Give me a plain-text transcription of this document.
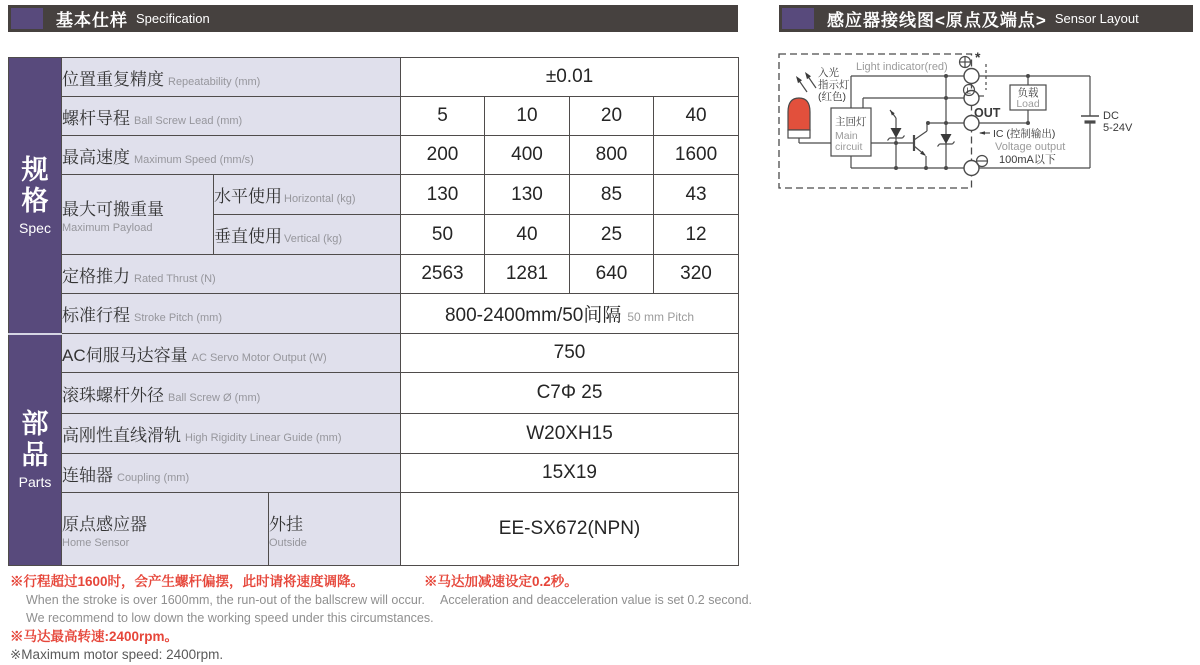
基本仕样 Specification	感应器接线图<原点及端点> Sensor Layout
规格
Spec

位置重复精度 Repeatability (mm)	±0.01

	螺杆导程 Ball Screw Lead (mm)			5	10	20	40

	最高速度 Maximum Speed (mm/s)			200	400	800	1600

	最大可搬重量
Maximum Payload	水平使用 Horizontal (kg)		130	130	85	43

		垂直使用 Vertical (kg)		50	40	25	12

	定格推力 Rated Thrust (N)			2563	1281	640	320

	标准行程 Stroke Pitch (mm)			800-2400mm/50间隔 50 mm Pitch			

部品
Parts

AC伺服马达容量 AC Servo Motor Output (W)	750

	滚珠螺杆外径 Ball Screw Ø (mm)			C7Φ 25			

	高刚性直线滑轨 High Rigidity Linear Guide (mm)			W20XH15			

	连轴器 Coupling (mm)			15X19			

	原点感应器
Home Sensor		外挂
Outside	EE-SX672(NPN)			
入光
指示灯
(红色)
Light indicator(red)
主回灯
Main
circuit
*
L
OUT
IC (控制输出)
Voltage output
100mA以下
负载
Load
DC
5-24V
※行程超过1600时，会产生螺杆偏摆，此时请将速度调降。
When the stroke is over 1600mm, the run-out of the ballscrew will occur.
We recommend to low down the working speed under this circumstances.
※马达最高转速:2400rpm。
※Maximum motor speed: 2400rpm.
※马达加减速设定0.2秒。
Acceleration and deacceleration value is set 0.2 second.
